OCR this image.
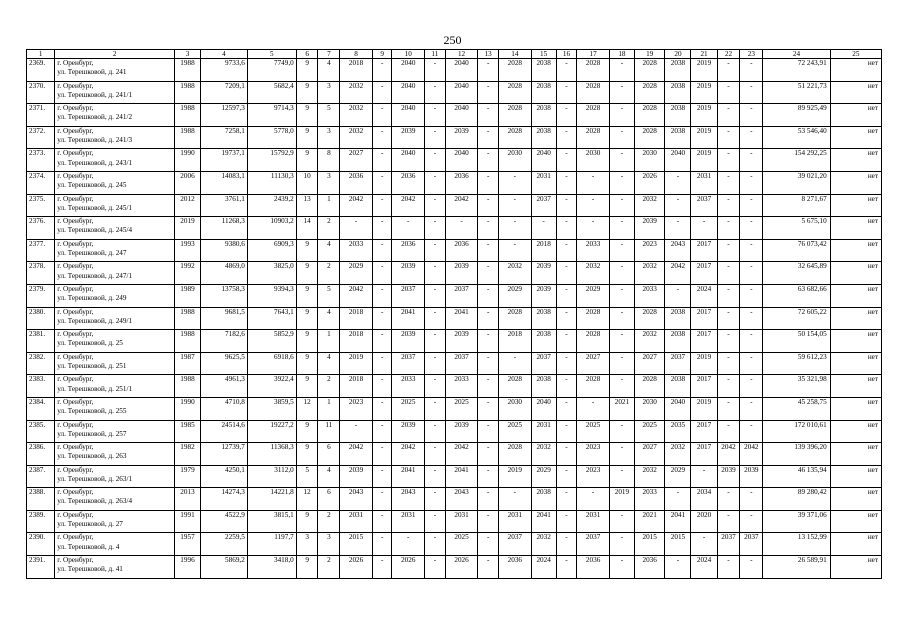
250
1	2	3	4	5	6	7	8	9	10	11	12	13	14	15	16	17	18	19	20	21	22	23	24	25
2369.	г. Оренбург,
ул. Терешковой, д. 241	1988	9733,6	7749,0	9	4	2018	-	2040	-	2040	-	2028	2038	-	2028	-	2028	2038	2019	-	-	72 243,91	нет
2370.	г. Оренбург,
ул. Терешковой, д. 241/1	1988	7209,1	5682,4	9	3	2032	-	2040	-	2040	-	2028	2038	-	2028	-	2028	2038	2019	-	-	51 221,73	нет
2371.	г. Оренбург,
ул. Терешковой, д. 241/2	1988	12597,3	9714,3	9	5	2032	-	2040	-	2040	-	2028	2038	-	2028	-	2028	2038	2019	-	-	89 925,49	нет
2372.	г. Оренбург,
ул. Терешковой, д. 241/3	1988	7258,1	5778,0	9	3	2032	-	2039	-	2039	-	2028	2038	-	2028	-	2028	2038	2019	-	-	53 546,40	нет
2373.	г. Оренбург,
ул. Терешковой, д. 243/1	1990	19737,1	15792,9	9	8	2027	-	2040	-	2040	-	2030	2040	-	2030	-	2030	2040	2019	-	-	154 292,25	нет
2374.	г. Оренбург,
ул. Терешковой, д. 245	2006	14083,1	11130,3	10	3	2036	-	2036	-	2036	-	-	2031	-	-	-	2026	-	2031	-	-	39 021,20	нет
2375.	г. Оренбург,
ул. Терешковой, д. 245/1	2012	3761,1	2439,2	13	1	2042	-	2042	-	2042	-	-	2037	-	-	-	2032	-	2037	-	-	8 271,67	нет
2376.	г. Оренбург,
ул. Терешковой, д. 245/4	2019	11268,3	10903,2	14	2	-	-	-	-	-	-	-	-	-	-	-	2039	-	-	-	-	5 675,10	нет
2377.	г. Оренбург,
ул. Терешковой, д. 247	1993	9380,6	6909,3	9	4	2033	-	2036	-	2036	-	-	2018	-	2033	-	2023	2043	2017	-	-	76 073,42	нет
2378.	г. Оренбург,
ул. Терешковой, д. 247/1	1992	4869,0	3825,0	9	2	2029	-	2039	-	2039	-	2032	2039	-	2032	-	2032	2042	2017	-	-	32 645,89	нет
2379.	г. Оренбург,
ул. Терешковой, д. 249	1989	13758,3	9394,3	9	5	2042	-	2037	-	2037	-	2029	2039	-	2029	-	2033	-	2024	-	-	63 682,66	нет
2380.	г. Оренбург,
ул. Терешковой, д. 249/1	1988	9681,5	7643,1	9	4	2018	-	2041	-	2041	-	2028	2038	-	2028	-	2028	2038	2017	-	-	72 605,22	нет
2381.	г. Оренбург,
ул. Терешковой, д. 25	1988	7182,6	5852,9	9	1	2018	-	2039	-	2039	-	2018	2038	-	2028	-	2032	2038	2017	-	-	50 154,05	нет
2382.	г. Оренбург,
ул. Терешковой, д. 251	1987	9625,5	6918,6	9	4	2019	-	2037	-	2037	-	-	2037	-	2027	-	2027	2037	2019	-	-	59 612,23	нет
2383.	г. Оренбург,
ул. Терешковой, д. 251/1	1988	4961,3	3922,4	9	2	2018	-	2033	-	2033	-	2028	2038	-	2028	-	2028	2038	2017	-	-	35 321,98	нет
2384.	г. Оренбург,
ул. Терешковой, д. 255	1990	4710,8	3859,5	12	1	2023	-	2025	-	2025	-	2030	2040	-	-	2021	2030	2040	2019	-	-	45 258,75	нет
2385.	г. Оренбург,
ул. Терешковой, д. 257	1985	24514,6	19227,2	9	11	-	-	2039	-	2039	-	2025	2031	-	2025	-	2025	2035	2017	-	-	172 010,61	нет
2386.	г. Оренбург,
ул. Терешковой, д. 263	1982	12739,7	11368,3	9	6	2042	-	2042	-	2042	-	2028	2032	-	2023	-	2027	2032	2017	2042	2042	139 396,20	нет
2387.	г. Оренбург,
ул. Терешковой, д. 263/1	1979	4250,1	3112,0	5	4	2039	-	2041	-	2041	-	2019	2029	-	2023	-	2032	2029	-	2039	2039	46 135,94	нет
2388.	г. Оренбург,
ул. Терешковой, д. 263/4	2013	14274,3	14221,8	12	6	2043	-	2043	-	2043	-	-	2038	-	-	2019	2033	-	2034	-	-	89 280,42	нет
2389.	г. Оренбург,
ул. Терешковой, д. 27	1991	4522,9	3815,1	9	2	2031	-	2031	-	2031	-	2031	2041	-	2031	-	2021	2041	2020	-	-	39 371,06	нет
2390.	г. Оренбург,
ул. Терешковой, д. 4	1957	2259,5	1197,7	3	3	2015	-	-	-	2025	-	2037	2032	-	2037	-	2015	2015	-	2037	2037	13 152,99	нет
2391.	г. Оренбург,
ул. Терешковой, д. 41	1996	5869,2	3418,0	9	2	2026	-	2026	-	2026	-	2036	2024	-	2036	-	2036	-	2024	-	-	26 589,91	нет
